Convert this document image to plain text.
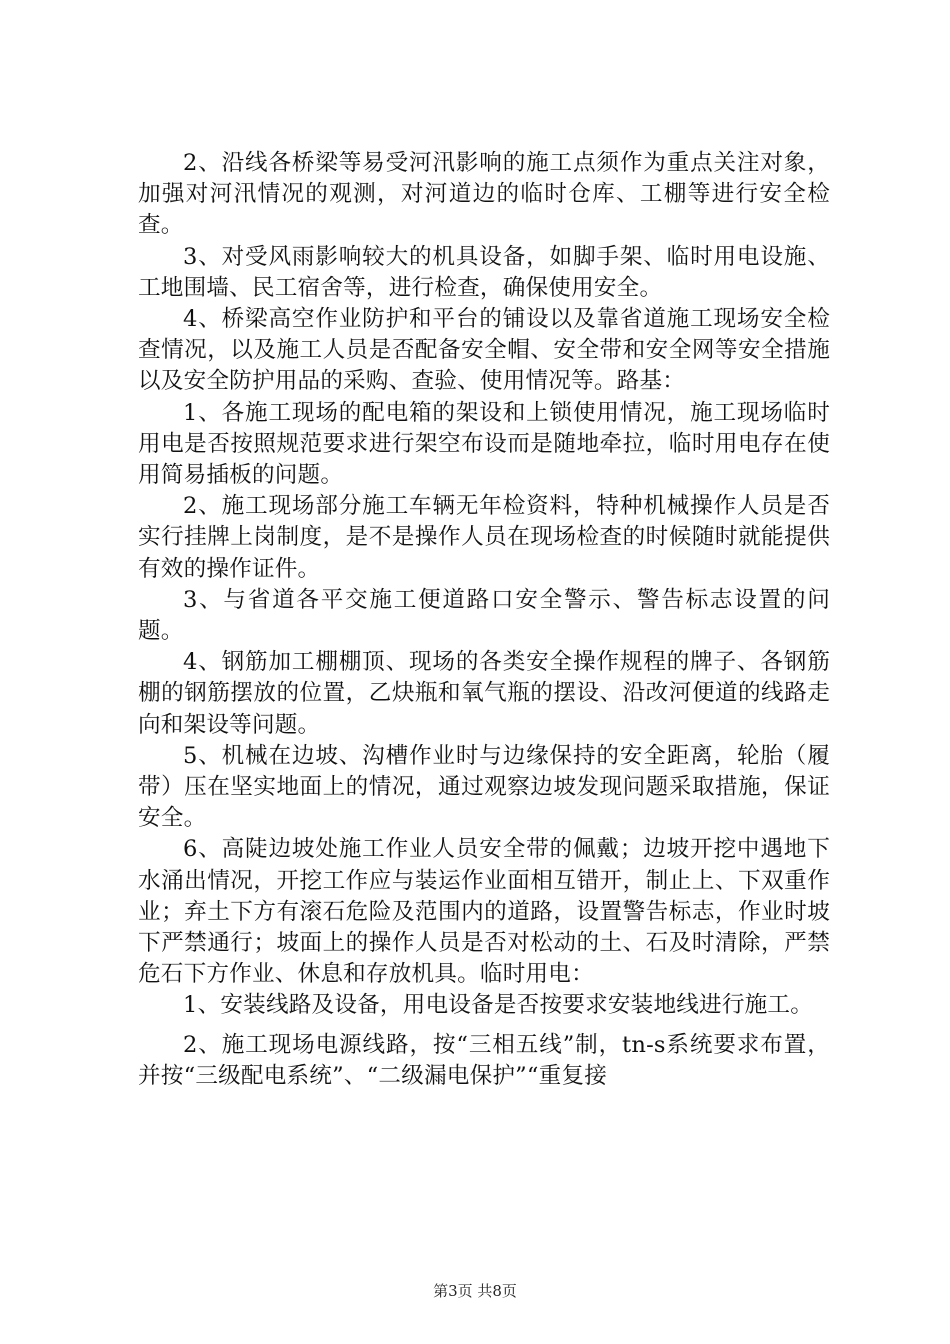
2、沿线各桥梁等易受河汛影响的施工点须作为重点关注对象，加强对河汛情况的观测，对河道边的临时仓库、工棚等进行安全检查。

3、对受风雨影响较大的机具设备，如脚手架、临时用电设施、工地围墙、民工宿舍等，进行检查，确保使用安全。

4、桥梁高空作业防护和平台的铺设以及靠省道施工现场安全检查情况，以及施工人员是否配备安全帽、安全带和安全网等安全措施以及安全防护用品的采购、查验、使用情况等。路基：

1、各施工现场的配电箱的架设和上锁使用情况，施工现场临时用电是否按照规范要求进行架空布设而是随地牵拉，临时用电存在使用简易插板的问题。

2、施工现场部分施工车辆无年检资料，特种机械操作人员是否实行挂牌上岗制度，是不是操作人员在现场检查的时候随时就能提供有效的操作证件。

3、与省道各平交施工便道路口安全警示、警告标志设置的问题。

4、钢筋加工棚棚顶、现场的各类安全操作规程的牌子、各钢筋棚的钢筋摆放的位置，乙炔瓶和氧气瓶的摆设、沿改河便道的线路走向和架设等问题。

5、机械在边坡、沟槽作业时与边缘保持的安全距离，轮胎（履带）压在坚实地面上的情况，通过观察边坡发现问题采取措施，保证安全。

6、高陡边坡处施工作业人员安全带的佩戴；边坡开挖中遇地下水涌出情况，开挖工作应与装运作业面相互错开，制止上、下双重作业；弃土下方有滚石危险及范围内的道路，设置警告标志，作业时坡下严禁通行；坡面上的操作人员是否对松动的土、石及时清除，严禁危石下方作业、休息和存放机具。临时用电：

1、安装线路及设备，用电设备是否按要求安装地线进行施工。

2、施工现场电源线路，按“三相五线”制，tn-s系统要求布置，并按“三级配电系统”、“二级漏电保护”“重复接

第3页 共8页
